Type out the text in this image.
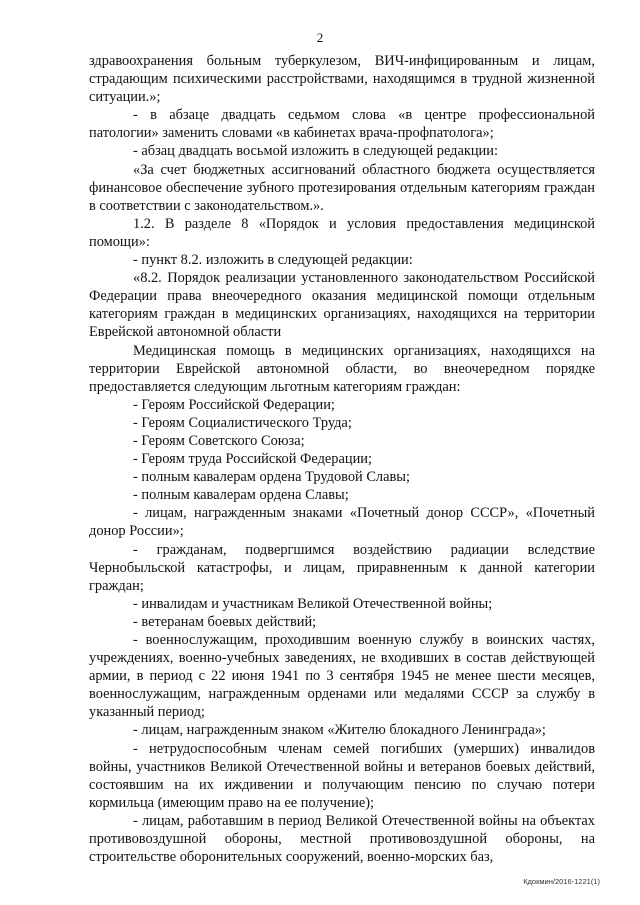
2

здравоохранения больным туберкулезом, ВИЧ-инфицированным и лицам, страдающим психическими расстройствами, находящимся в трудной жизненной ситуации.»;

- в абзаце двадцать седьмом слова «в центре профессиональной патологии» заменить словами «в кабинетах врача-профпатолога»;

- абзац двадцать восьмой изложить в следующей редакции:

«За счет бюджетных ассигнований областного бюджета осуществляется финансовое обеспечение зубного протезирования отдельным категориям граждан в соответствии с законодательством.».

1.2. В разделе 8 «Порядок и условия предоставления медицинской помощи»:

- пункт 8.2. изложить в следующей редакции:

«8.2. Порядок реализации установленного законодательством Российской Федерации права внеочередного оказания медицинской помощи отдельным категориям граждан в медицинских организациях, находящихся на территории Еврейской автономной области

Медицинская помощь в медицинских организациях, находящихся на территории Еврейской автономной области, во внеочередном порядке предоставляется следующим льготным категориям граждан:

- Героям Российской Федерации;

- Героям Социалистического Труда;

- Героям Советского Союза;

- Героям труда Российской Федерации;

- полным кавалерам ордена Трудовой Славы;

- полным кавалерам ордена Славы;

- лицам, награжденным знаками «Почетный донор СССР», «Почетный донор России»;

- гражданам, подвергшимся воздействию радиации вследствие Чернобыльской катастрофы, и лицам, приравненным к данной категории граждан;

- инвалидам и участникам Великой Отечественной войны;

- ветеранам боевых действий;

- военнослужащим, проходившим военную службу в воинских частях, учреждениях, военно-учебных заведениях, не входивших в состав действующей армии, в период с 22 июня 1941 по 3 сентября 1945 не менее шести месяцев, военнослужащим, награжденным орденами или медалями СССР за службу в указанный период;

- лицам, награжденным знаком «Жителю блокадного Ленинграда»;

- нетрудоспособным членам семей погибших (умерших) инвалидов войны, участников Великой Отечественной войны и ветеранов боевых действий, состоявшим на их иждивении и получающим пенсию по случаю потери кормильца (имеющим право на ее получение);

- лицам, работавшим в период Великой Отечественной войны на объектах противовоздушной обороны, местной противовоздушной обороны, на строительстве оборонительных сооружений, военно-морских баз,

Кдокмин/2016-1221(1)
